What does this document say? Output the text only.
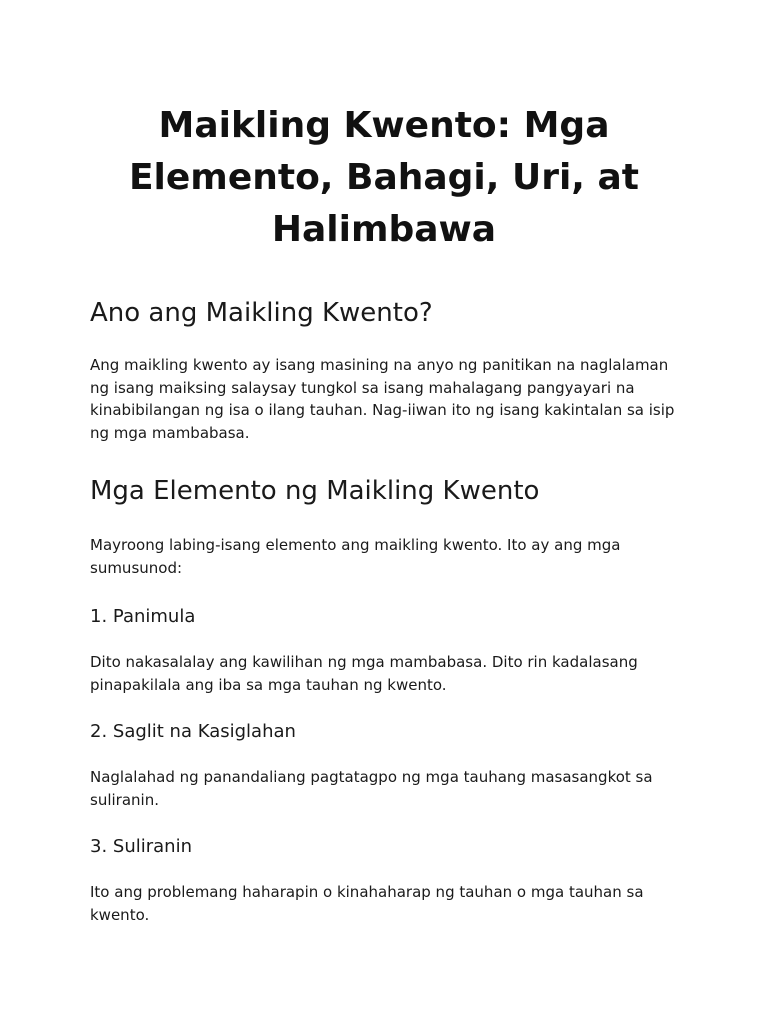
Maikling Kwento: Mga Elemento, Bahagi, Uri, at Halimbawa
Ano ang Maikling Kwento?

Ang maikling kwento ay isang masining na anyo ng panitikan na naglalaman ng isang maiksing salaysay tungkol sa isang mahalagang pangyayari na kinabibilangan ng isa o ilang tauhan. Nag-iiwan ito ng isang kakintalan sa isip ng mga mambabasa.

Mga Elemento ng Maikling Kwento

Mayroong labing-isang elemento ang maikling kwento. Ito ay ang mga sumusunod:

1. Panimula

Dito nakasalalay ang kawilihan ng mga mambabasa. Dito rin kadalasang pinapakilala ang iba sa mga tauhan ng kwento.

2. Saglit na Kasiglahan

Naglalahad ng panandaliang pagtatagpo ng mga tauhang masasangkot sa suliranin.

3. Suliranin

Ito ang problemang haharapin o kinahaharap ng tauhan o mga tauhan sa kwento.
